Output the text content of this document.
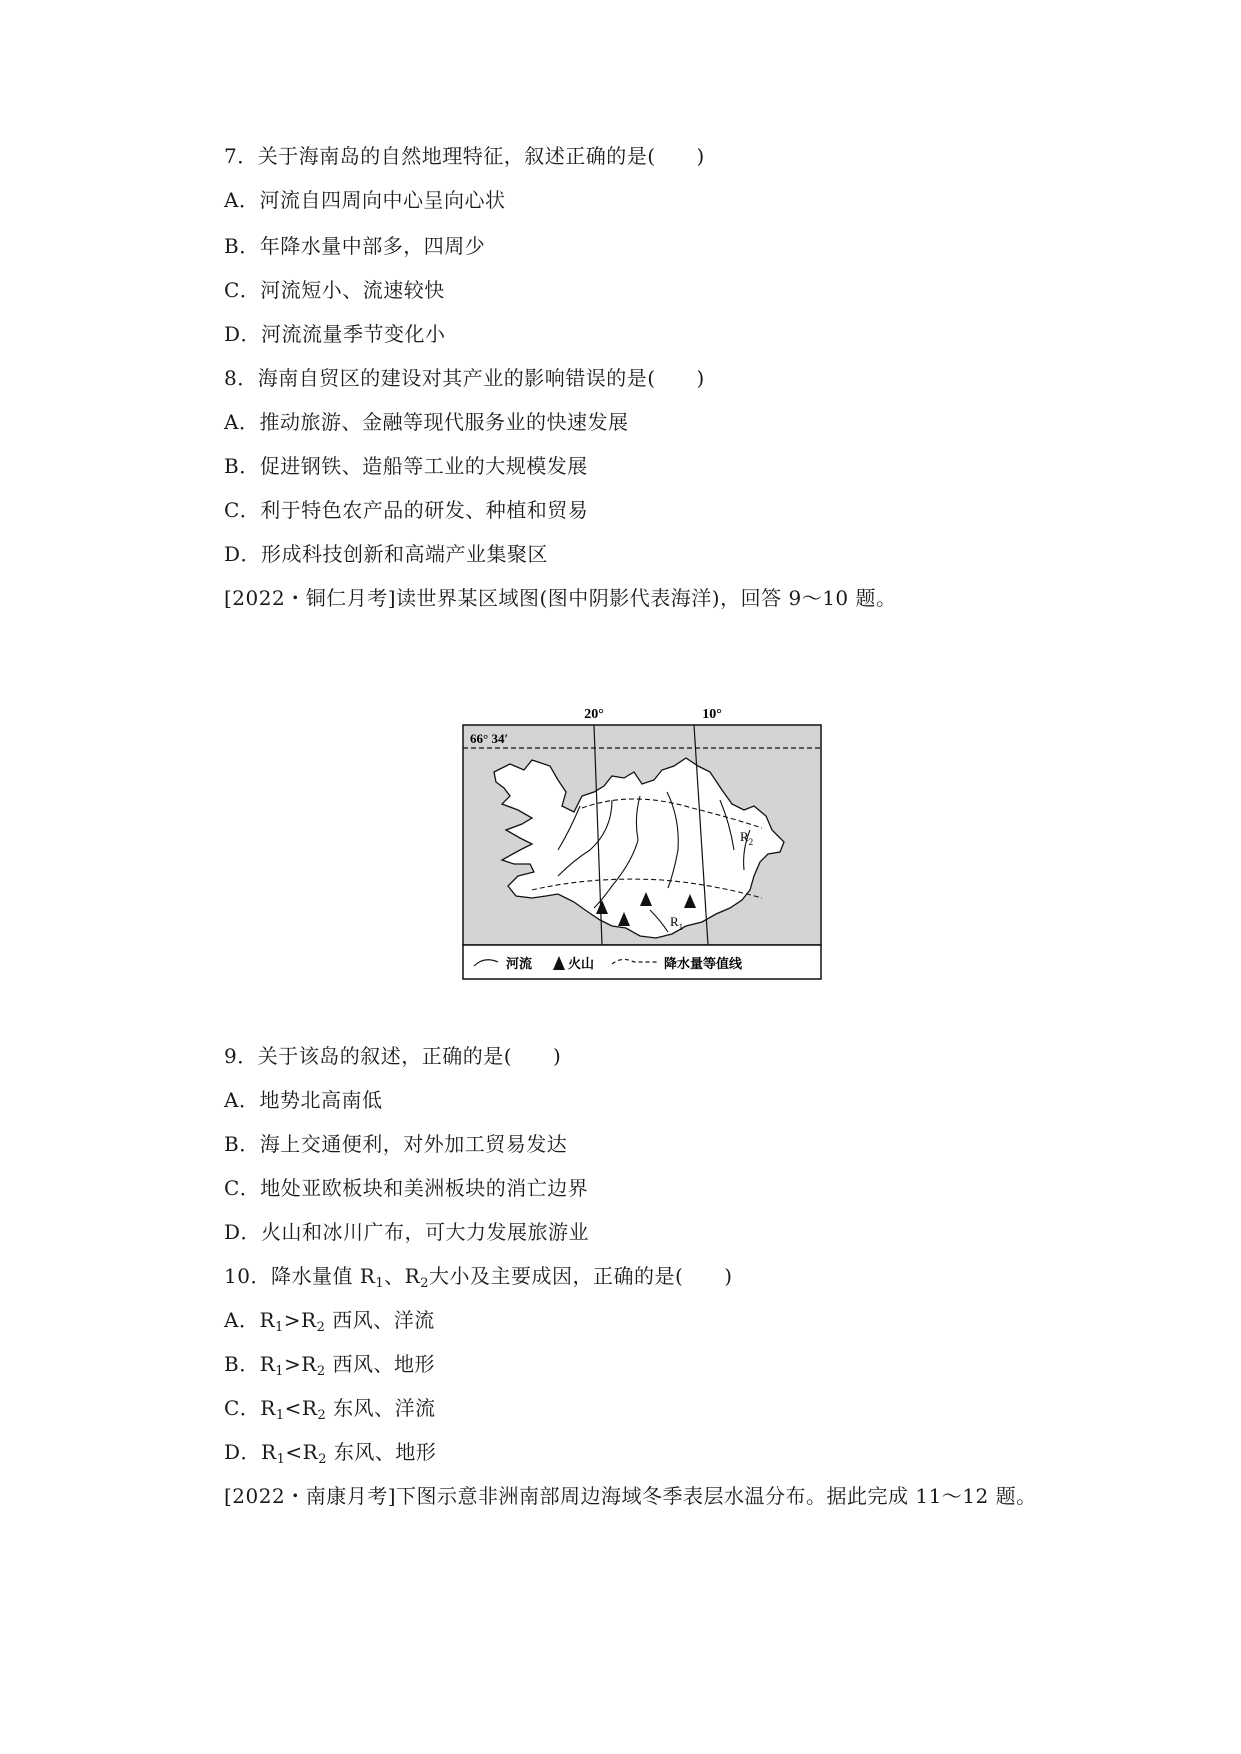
7．关于海南岛的自然地理特征，叙述正确的是(　　)
A．河流自四周向中心呈向心状
B．年降水量中部多，四周少
C．河流短小、流速较快
D．河流流量季节变化小
8．海南自贸区的建设对其产业的影响错误的是(　　)
A．推动旅游、金融等现代服务业的快速发展
B．促进钢铁、造船等工业的大规模发展
C．利于特色农产品的研发、种植和贸易
D．形成科技创新和高端产业集聚区
[2022・铜仁月考]读世界某区域图(图中阴影代表海洋)，回答 9～10 题。
20°	10°
66° 34′
$R_2$
$R_1$
河流	火山	降水量等值线
9．关于该岛的叙述，正确的是(　　)
A．地势北高南低
B．海上交通便利，对外加工贸易发达
C．地处亚欧板块和美洲板块的消亡边界
D．火山和冰川广布，可大力发展旅游业
10．降水量值 $R_1$、$R_2$大小及主要成因，正确的是(　　)
A．$R_1>R_2$ 西风、洋流
B．$R_1>R_2$ 西风、地形
C．$R_1<R_2$ 东风、洋流
D．$R_1<R_2$ 东风、地形
[2022・南康月考]下图示意非洲南部周边海域冬季表层水温分布。据此完成 11～12 题。
